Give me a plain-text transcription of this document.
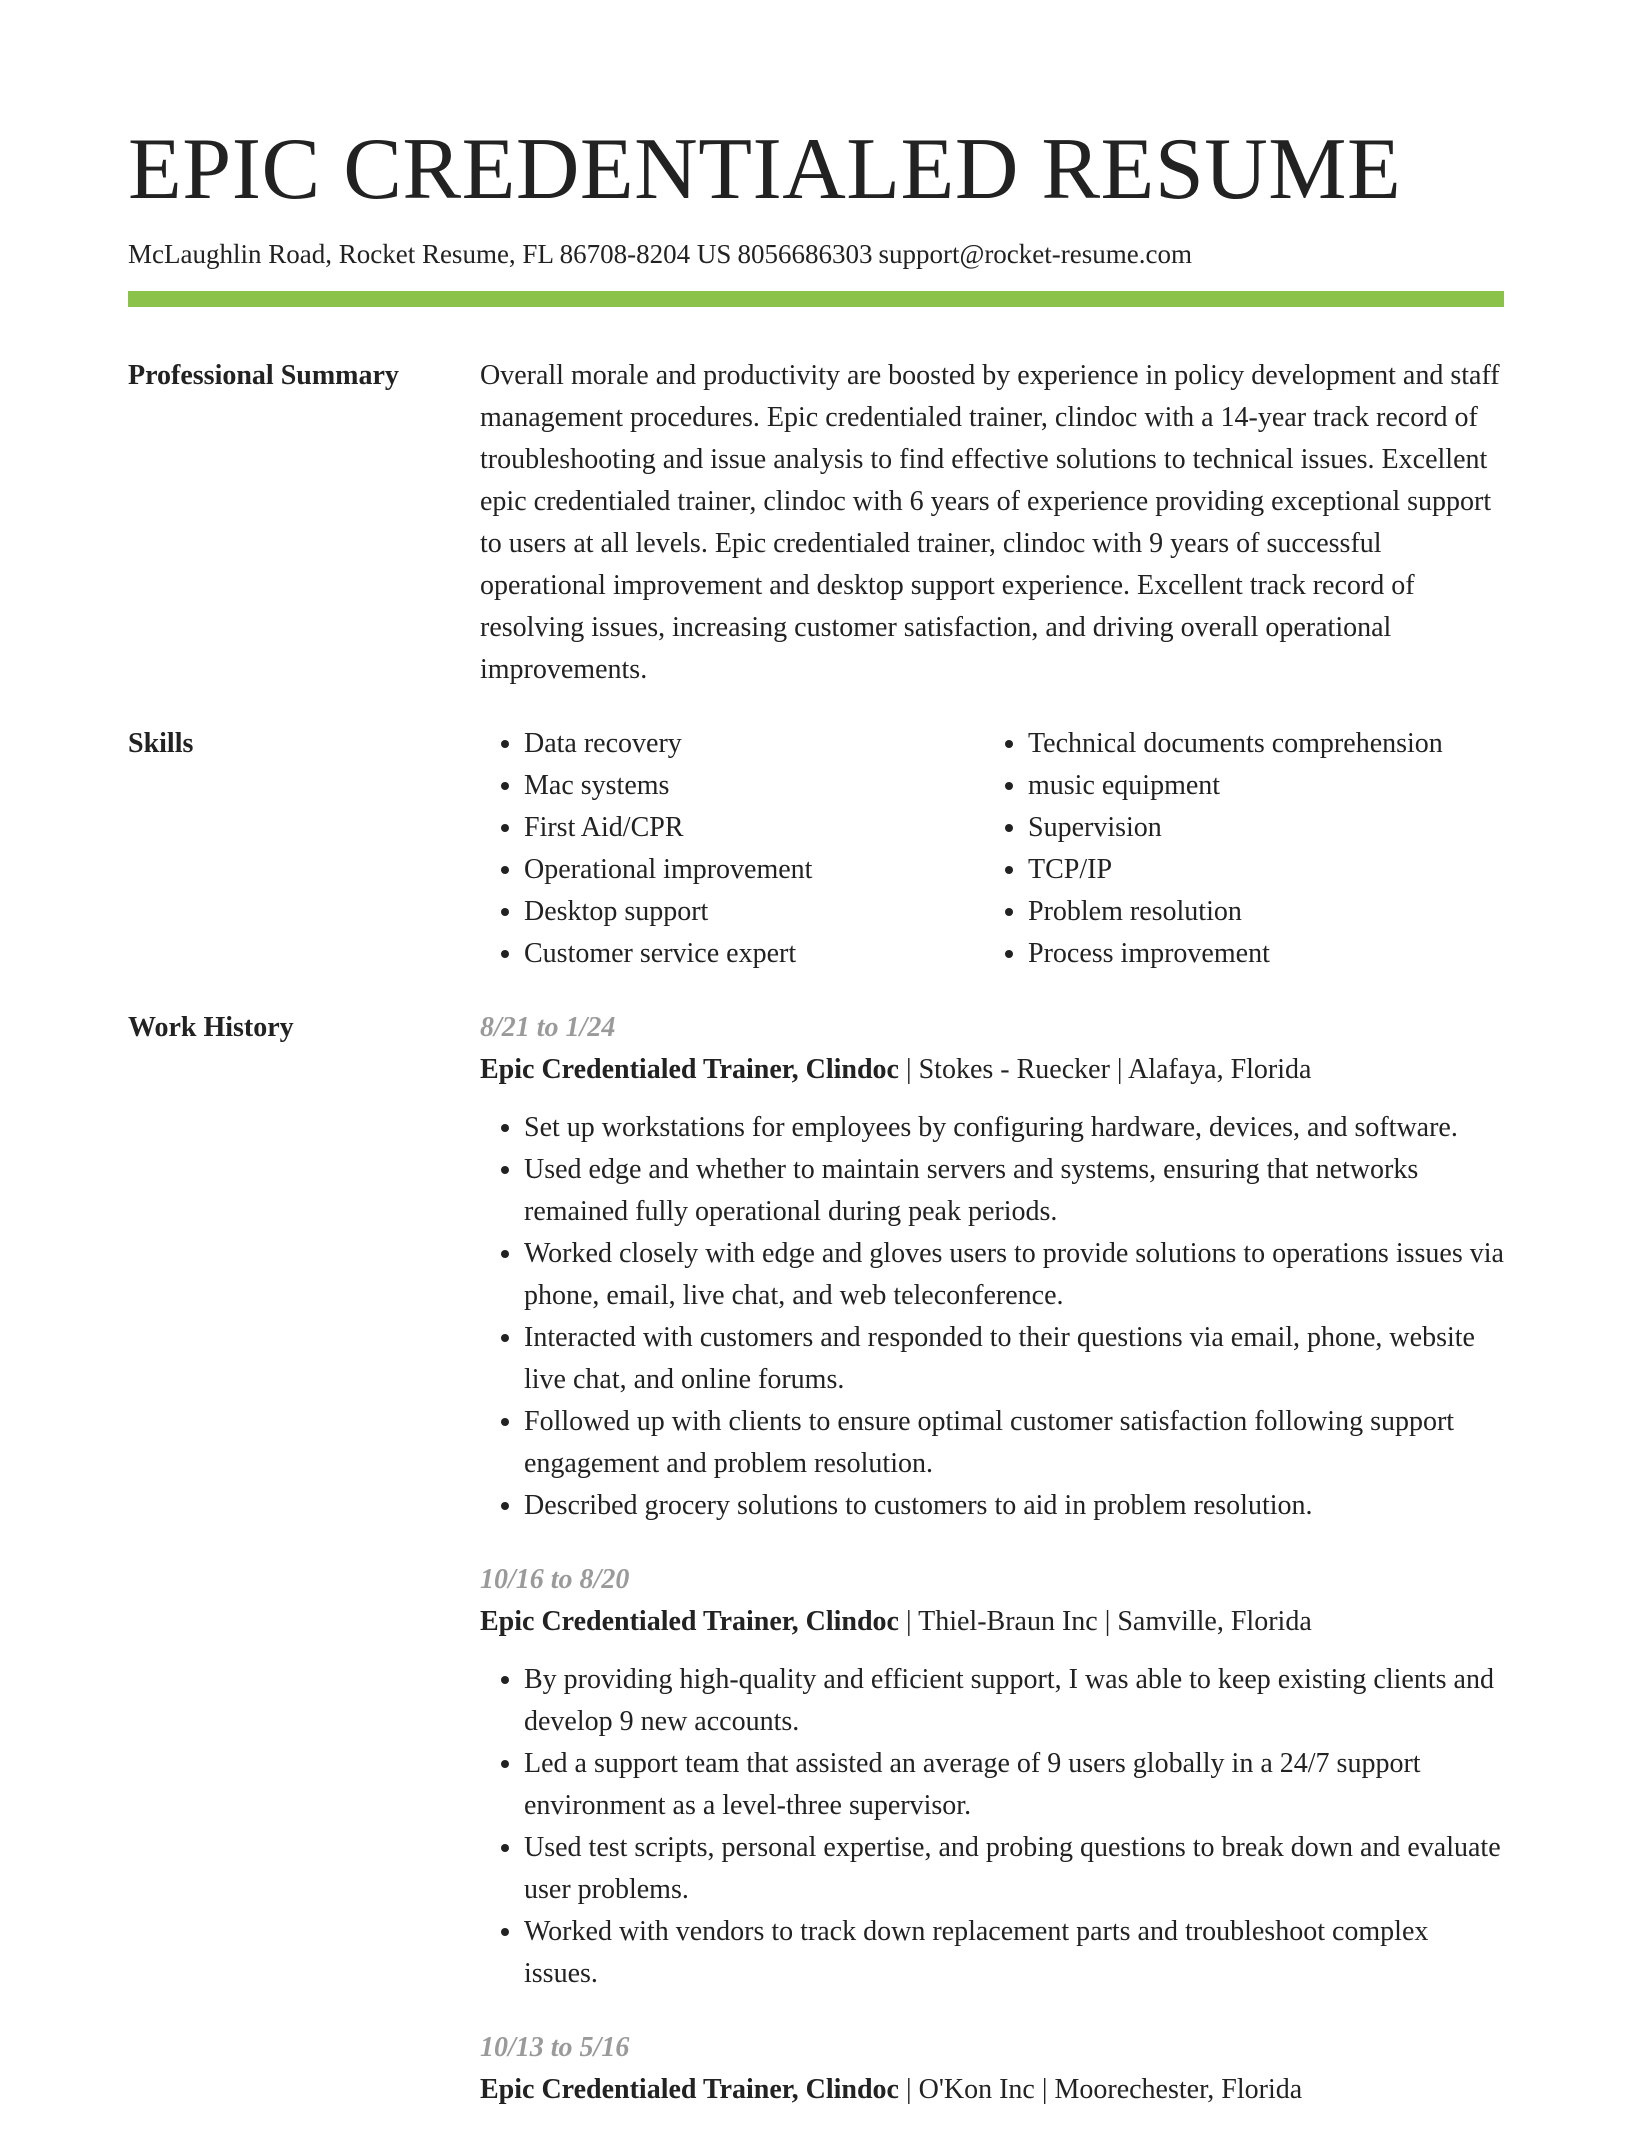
EPIC CREDENTIALED RESUME
McLaughlin Road, Rocket Resume, FL 86708-8204 US 8056686303 support@rocket-resume.com
Professional Summary	Overall morale and productivity are boosted by experience in policy development and staff management procedures. Epic credentialed trainer, clindoc with a 14-year track record of troubleshooting and issue analysis to find effective solutions to technical issues. Excellent epic credentialed trainer, clindoc with 6 years of experience providing exceptional support to users at all levels. Epic credentialed trainer, clindoc with 9 years of successful operational improvement and desktop support experience. Excellent track record of resolving issues, increasing customer satisfaction, and driving overall operational improvements.

Skills
•	Data recovery
• Mac systems
• First Aid/CPR
• Operational improvement
• Desktop support
• Customer service expert
• Technical documents comprehension
• music equipment
• Supervision
• TCP/IP
• Problem resolution
• Process improvement
Work History	8/21 to 1/24
Epic Credentialed Trainer, Clindoc | Stokes - Ruecker | Alafaya, Florida
• Set up workstations for employees by configuring hardware, devices, and software.
• Used edge and whether to maintain servers and systems, ensuring that networks remained fully operational during peak periods.
• Worked closely with edge and gloves users to provide solutions to operations issues via phone, email, live chat, and web teleconference.
• Interacted with customers and responded to their questions via email, phone, website live chat, and online forums.
• Followed up with clients to ensure optimal customer satisfaction following support engagement and problem resolution.
• Described grocery solutions to customers to aid in problem resolution.
10/16 to 8/20
Epic Credentialed Trainer, Clindoc | Thiel-Braun Inc | Samville, Florida
• By providing high-quality and efficient support, I was able to keep existing clients and develop 9 new accounts.
• Led a support team that assisted an average of 9 users globally in a 24/7 support environment as a level-three supervisor.
• Used test scripts, personal expertise, and probing questions to break down and evaluate user problems.
• Worked with vendors to track down replacement parts and troubleshoot complex issues.
10/13 to 5/16
Epic Credentialed Trainer, Clindoc | O'Kon Inc | Moorechester, Florida
